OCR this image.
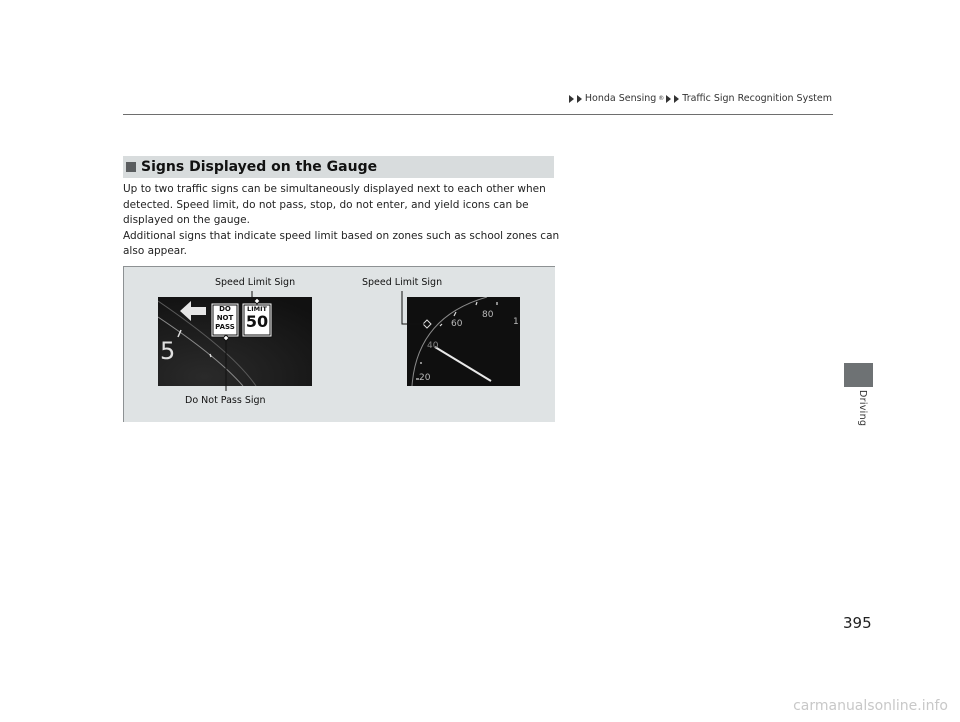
Honda Sensing ® Traffic Sign Recognition System
Signs Displayed on the Gauge

Up to two traffic signs can be simultaneously displayed next to each other when detected. Speed limit, do not pass, stop, do not enter, and yield icons can be displayed on the gauge.

Additional signs that indicate speed limit based on zones such as school zones can also appear.

Speed Limit Sign
Do Not Pass Sign
Speed Limit Sign
5
DO
NOT
PASS
LIMIT
50
20
40
60
80
1
Driving
395
carmanualsonline.info
